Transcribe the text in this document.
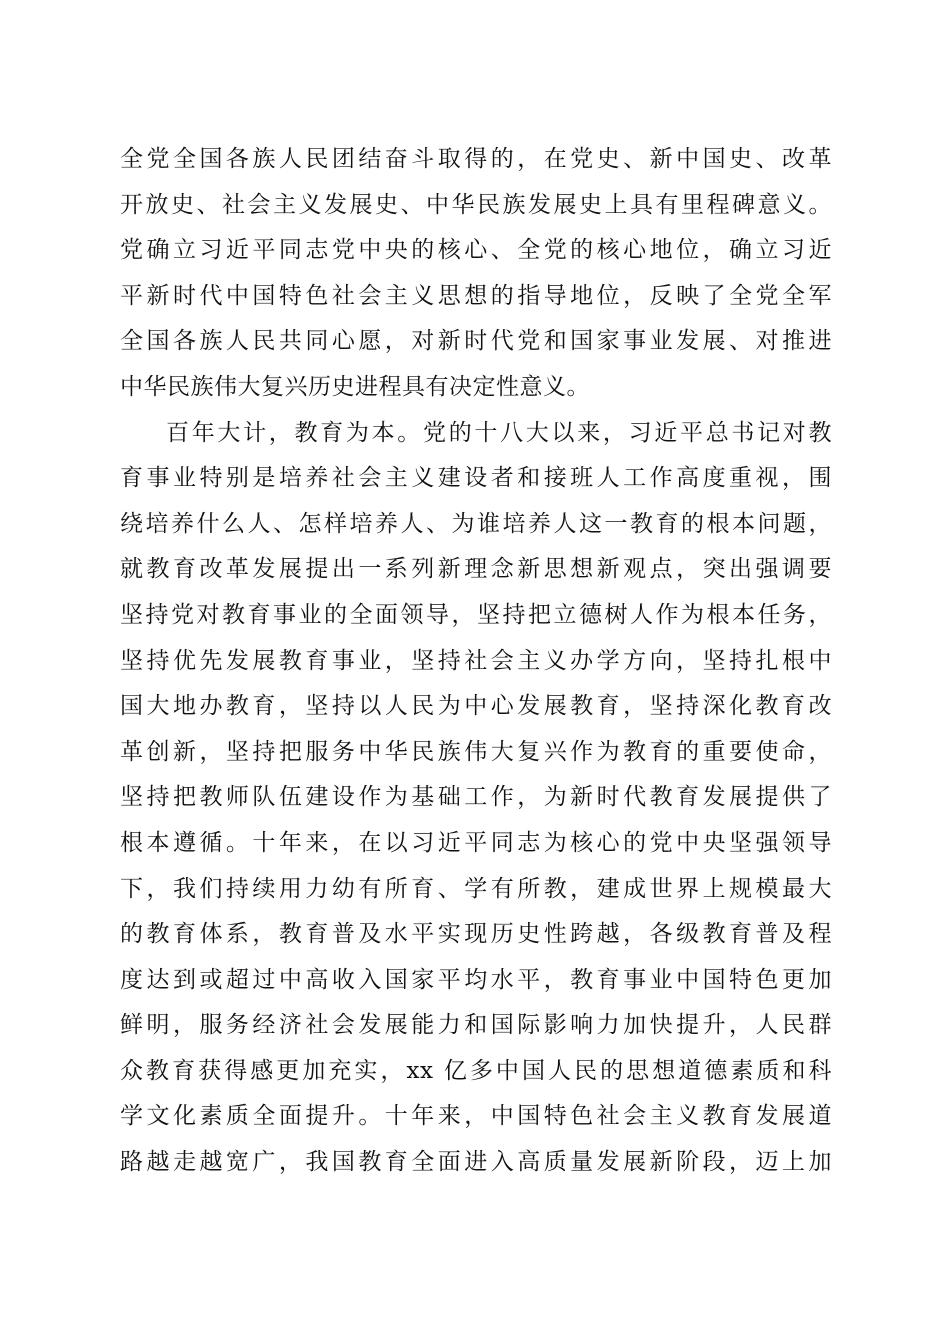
全党全国各族人民团结奋斗取得的，在党史、新中国史、改革
开放史、社会主义发展史、中华民族发展史上具有里程碑意义。
党确立习近平同志党中央的核心、全党的核心地位，确立习近
平新时代中国特色社会主义思想的指导地位，反映了全党全军
全国各族人民共同心愿，对新时代党和国家事业发展、对推进
中华民族伟大复兴历史进程具有决定性意义。
百年大计，教育为本。党的十八大以来，习近平总书记对教
育事业特别是培养社会主义建设者和接班人工作高度重视，围
绕培养什么人、怎样培养人、为谁培养人这一教育的根本问题，
就教育改革发展提出一系列新理念新思想新观点，突出强调要
坚持党对教育事业的全面领导，坚持把立德树人作为根本任务，
坚持优先发展教育事业，坚持社会主义办学方向，坚持扎根中
国大地办教育，坚持以人民为中心发展教育，坚持深化教育改
革创新，坚持把服务中华民族伟大复兴作为教育的重要使命，
坚持把教师队伍建设作为基础工作，为新时代教育发展提供了
根本遵循。十年来，在以习近平同志为核心的党中央坚强领导
下，我们持续用力幼有所育、学有所教，建成世界上规模最大
的教育体系，教育普及水平实现历史性跨越，各级教育普及程
度达到或超过中高收入国家平均水平，教育事业中国特色更加
鲜明，服务经济社会发展能力和国际影响力加快提升，人民群
众教育获得感更加充实，xx 亿多中国人民的思想道德素质和科
学文化素质全面提升。十年来，中国特色社会主义教育发展道
路越走越宽广，我国教育全面进入高质量发展新阶段，迈上加
